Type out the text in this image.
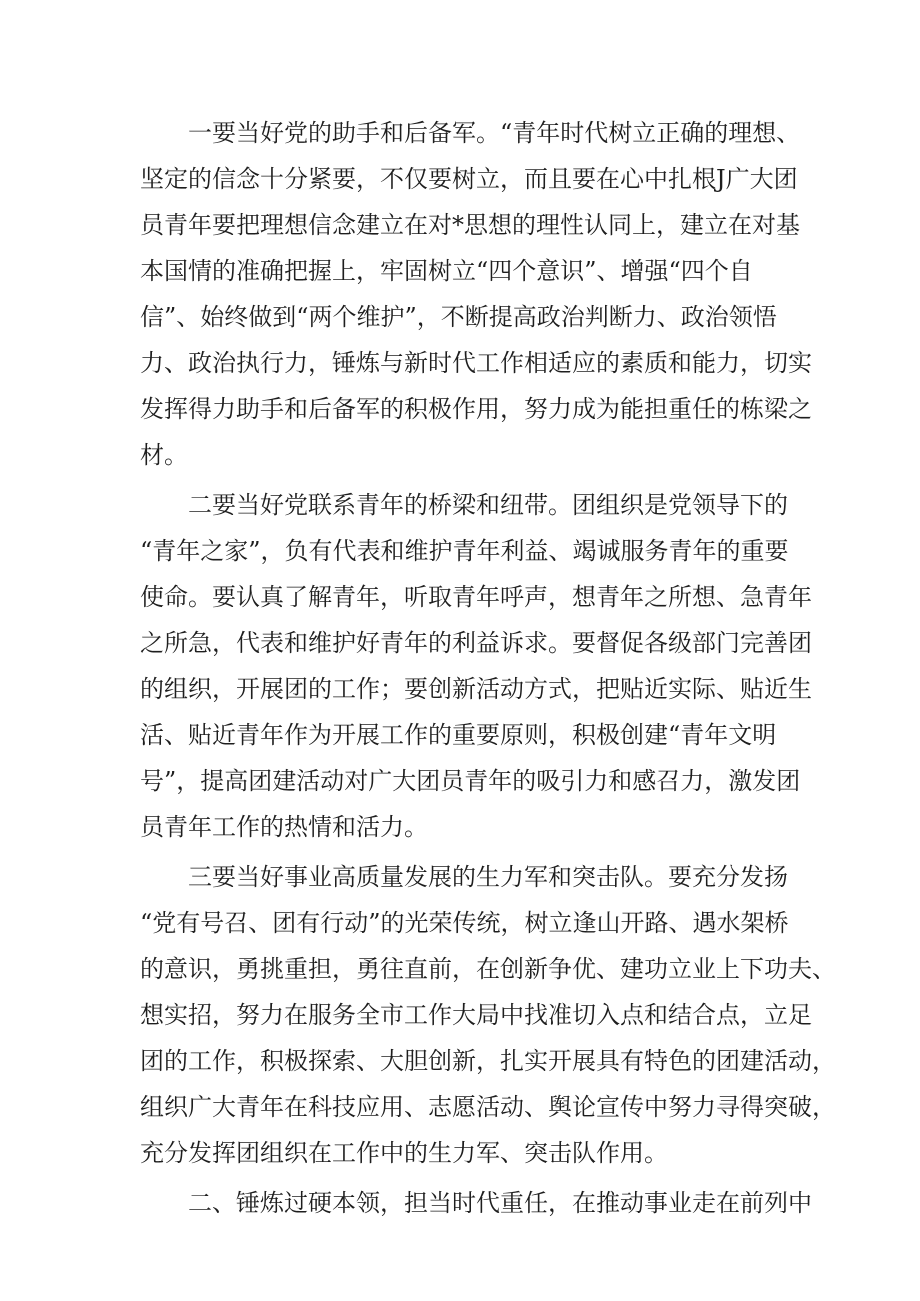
一要当好党的助手和后备军。“青年时代树立正确的理想、

坚定的信念十分紧要，不仅要树立，而且要在心中扎根J广大团

员青年要把理想信念建立在对*思想的理性认同上，建立在对基

本国情的准确把握上，牢固树立“四个意识”、增强“四个自

信”、始终做到“两个维护”，不断提高政治判断力、政治领悟

力、政治执行力，锤炼与新时代工作相适应的素质和能力，切实

发挥得力助手和后备军的积极作用，努力成为能担重任的栋梁之

材。

二要当好党联系青年的桥梁和纽带。团组织是党领导下的

“青年之家”，负有代表和维护青年利益、竭诚服务青年的重要

使命。要认真了解青年，听取青年呼声，想青年之所想、急青年

之所急，代表和维护好青年的利益诉求。要督促各级部门完善团

的组织，开展团的工作；要创新活动方式，把贴近实际、贴近生

活、贴近青年作为开展工作的重要原则，积极创建“青年文明

号”，提高团建活动对广大团员青年的吸引力和感召力，激发团

员青年工作的热情和活力。

三要当好事业高质量发展的生力军和突击队。要充分发扬

“党有号召、团有行动”的光荣传统，树立逢山开路、遇水架桥

的意识，勇挑重担，勇往直前，在创新争优、建功立业上下功夫、

想实招，努力在服务全市工作大局中找准切入点和结合点，立足

团的工作，积极探索、大胆创新，扎实开展具有特色的团建活动，

组织广大青年在科技应用、志愿活动、舆论宣传中努力寻得突破，

充分发挥团组织在工作中的生力军、突击队作用。

二、锤炼过硬本领，担当时代重任，在推动事业走在前列中
